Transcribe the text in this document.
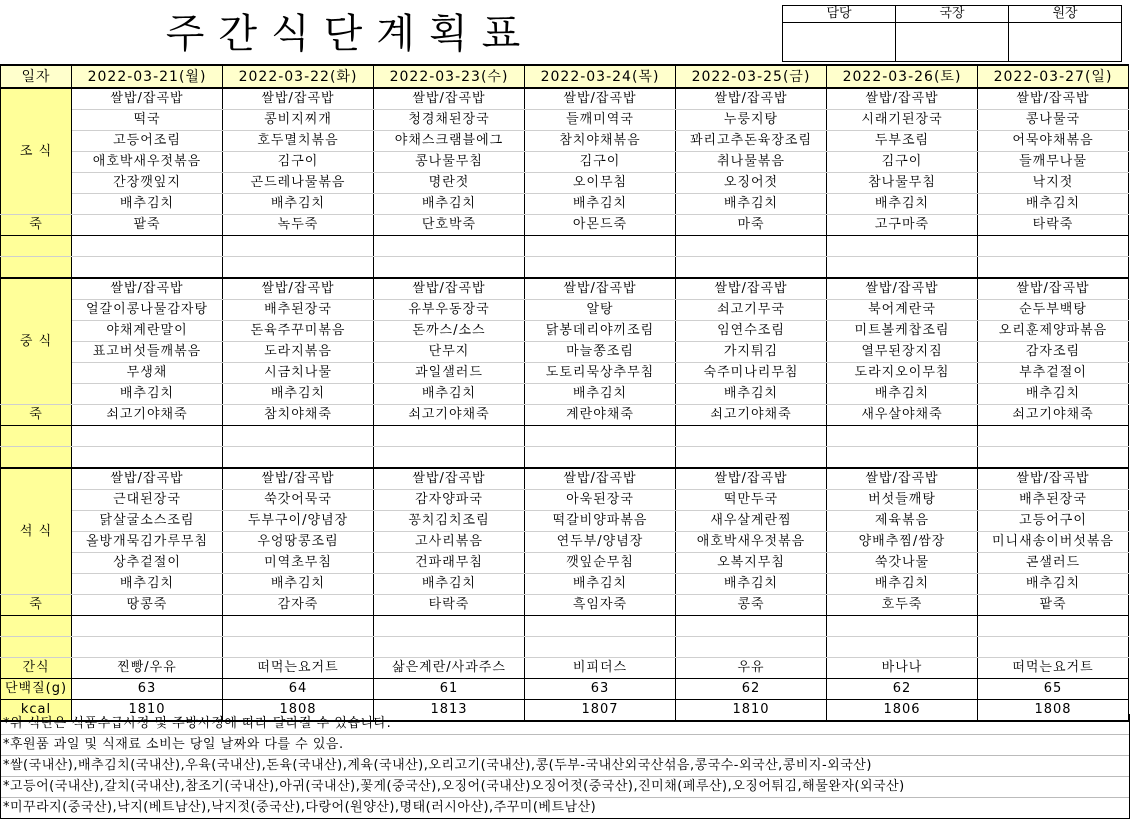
주간식단계획표	담당	국장	원장

일자	2022-03-21(월)	2022-03-22(화)	2022-03-23(수)	2022-03-24(목)	2022-03-25(금)	2022-03-26(토)	2022-03-27(일)
조 식	쌀밥/잡곡밥	쌀밥/잡곡밥	쌀밥/잡곡밥	쌀밥/잡곡밥	쌀밥/잡곡밥	쌀밥/잡곡밥	쌀밥/잡곡밥
	떡국	콩비지찌개	청경채된장국	들깨미역국	누룽지탕	시래기된장국	콩나물국
	고등어조림	호두멸치볶음	야채스크램블에그	참치야채볶음	꽈리고추돈육장조림	두부조림	어묵야채볶음
	애호박새우젓볶음	김구이	콩나물무침	김구이	취나물볶음	김구이	들깨무나물
	간장깻잎지	곤드레나물볶음	명란젓	오이무침	오징어젓	참나물무침	낙지젓
	배추김치	배추김치	배추김치	배추김치	배추김치	배추김치	배추김치
죽	팥죽	녹두죽	단호박죽	아몬드죽	마죽	고구마죽	타락죽

중 식	쌀밥/잡곡밥	쌀밥/잡곡밥	쌀밥/잡곡밥	쌀밥/잡곡밥	쌀밥/잡곡밥	쌀밥/잡곡밥	쌀밥/잡곡밥
	얼갈이콩나물감자탕	배추된장국	유부우동장국	알탕	쇠고기무국	북어계란국	순두부백탕
	야채계란말이	돈육주꾸미볶음	돈까스/소스	닭봉데리야끼조림	임연수조림	미트볼케찹조림	오리훈제양파볶음
	표고버섯들깨볶음	도라지볶음	단무지	마늘쫑조림	가지튀김	열무된장지짐	감자조림
	무생채	시금치나물	과일샐러드	도토리묵상추무침	숙주미나리무침	도라지오이무침	부추겉절이
	배추김치	배추김치	배추김치	배추김치	배추김치	배추김치	배추김치
죽	쇠고기야채죽	참치야채죽	쇠고기야채죽	계란야채죽	쇠고기야채죽	새우살야채죽	쇠고기야채죽

석 식	쌀밥/잡곡밥	쌀밥/잡곡밥	쌀밥/잡곡밥	쌀밥/잡곡밥	쌀밥/잡곡밥	쌀밥/잡곡밥	쌀밥/잡곡밥
	근대된장국	쑥갓어묵국	감자양파국	아욱된장국	떡만두국	버섯들깨탕	배추된장국
	닭살굴소스조림	두부구이/양념장	꽁치김치조림	떡갈비양파볶음	새우살계란찜	제육볶음	고등어구이
	올방개묵김가루무침	우엉땅콩조림	고사리볶음	연두부/양념장	애호박새우젓볶음	양배추찜/쌈장	미니새송이버섯볶음
	상추겉절이	미역초무침	건파래무침	깻잎순무침	오복지무침	쑥갓나물	콘샐러드
	배추김치	배추김치	배추김치	배추김치	배추김치	배추김치	배추김치
죽	땅콩죽	감자죽	타락죽	흑임자죽	콩죽	호두죽	팥죽

간식	찐빵/우유	떠먹는요거트	삶은계란/사과주스	비피더스	우유	바나나	떠먹는요거트
단백질(g)	63	64	61	63	62	62	65
kcal	1810	1808	1813	1807	1810	1806	1808
*위 식단은 식품수급사정 및 주방사정에 따라 달라질 수 있습니다.
*후원품 과일 및 식재료 소비는 당일 날짜와 다를 수 있음.
*쌀(국내산),배추김치(국내산),우육(국내산),돈육(국내산),계육(국내산),오리고기(국내산),콩(두부-국내산외국산섞음,콩국수-외국산,콩비지-외국산)
*고등어(국내산),갈치(국내산),참조기(국내산),아귀(국내산),꽃게(중국산),오징어(국내산)오징어젓(중국산),진미채(페루산),오징어튀김,해물완자(외국산)
*미꾸라지(중국산),낙지(베트남산),낙지젓(중국산),다랑어(원양산),명태(러시아산),주꾸미(베트남산)
